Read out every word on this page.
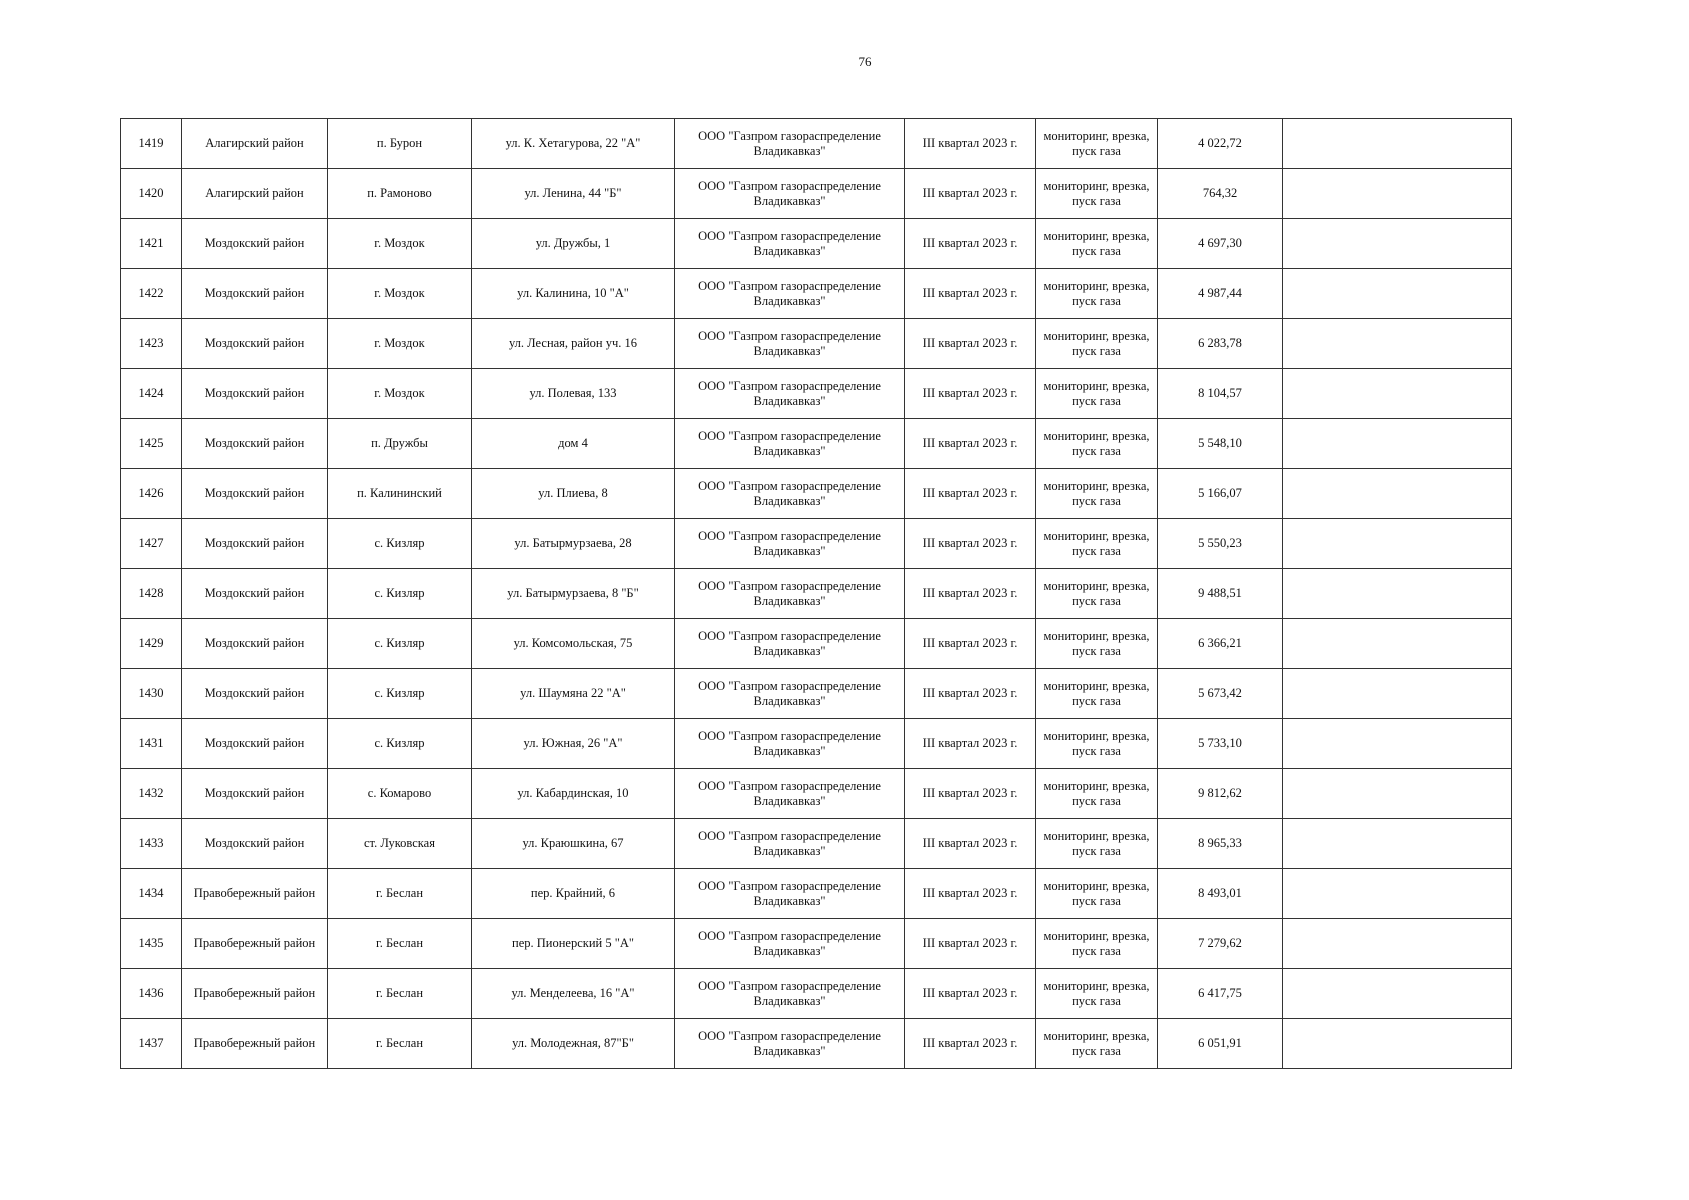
76
1419	Алагирский район	п. Бурон	ул. К. Хетагурова, 22 "А"	ООО "Газпром газораспределение Владикавказ"	III квартал 2023 г.	мониторинг, врезка, пуск газа	4 022,72	
1420	Алагирский район	п. Рамоново	ул. Ленина, 44 "Б"	ООО "Газпром газораспределение Владикавказ"	III квартал 2023 г.	мониторинг, врезка, пуск газа	764,32	
1421	Моздокский район	г. Моздок	ул. Дружбы, 1	ООО "Газпром газораспределение Владикавказ"	III квартал 2023 г.	мониторинг, врезка, пуск газа	4 697,30	
1422	Моздокский район	г. Моздок	ул. Калинина, 10 "А"	ООО "Газпром газораспределение Владикавказ"	III квартал 2023 г.	мониторинг, врезка, пуск газа	4 987,44	
1423	Моздокский район	г. Моздок	ул. Лесная, район уч. 16	ООО "Газпром газораспределение Владикавказ"	III квартал 2023 г.	мониторинг, врезка, пуск газа	6 283,78	
1424	Моздокский район	г. Моздок	ул. Полевая, 133	ООО "Газпром газораспределение Владикавказ"	III квартал 2023 г.	мониторинг, врезка, пуск газа	8 104,57	
1425	Моздокский район	п. Дружбы	дом 4	ООО "Газпром газораспределение Владикавказ"	III квартал 2023 г.	мониторинг, врезка, пуск газа	5 548,10	
1426	Моздокский район	п. Калининский	ул. Плиева, 8	ООО "Газпром газораспределение Владикавказ"	III квартал 2023 г.	мониторинг, врезка, пуск газа	5 166,07	
1427	Моздокский район	с. Кизляр	ул. Батырмурзаева, 28	ООО "Газпром газораспределение Владикавказ"	III квартал 2023 г.	мониторинг, врезка, пуск газа	5 550,23	
1428	Моздокский район	с. Кизляр	ул. Батырмурзаева, 8 "Б"	ООО "Газпром газораспределение Владикавказ"	III квартал 2023 г.	мониторинг, врезка, пуск газа	9 488,51	
1429	Моздокский район	с. Кизляр	ул. Комсомольская, 75	ООО "Газпром газораспределение Владикавказ"	III квартал 2023 г.	мониторинг, врезка, пуск газа	6 366,21	
1430	Моздокский район	с. Кизляр	ул. Шаумяна 22 "А"	ООО "Газпром газораспределение Владикавказ"	III квартал 2023 г.	мониторинг, врезка, пуск газа	5 673,42	
1431	Моздокский район	с. Кизляр	ул. Южная, 26 "А"	ООО "Газпром газораспределение Владикавказ"	III квартал 2023 г.	мониторинг, врезка, пуск газа	5 733,10	
1432	Моздокский район	с. Комарово	ул. Кабардинская, 10	ООО "Газпром газораспределение Владикавказ"	III квартал 2023 г.	мониторинг, врезка, пуск газа	9 812,62	
1433	Моздокский район	ст. Луковская	ул. Краюшкина, 67	ООО "Газпром газораспределение Владикавказ"	III квартал 2023 г.	мониторинг, врезка, пуск газа	8 965,33	
1434	Правобережный район	г. Беслан	пер. Крайний, 6	ООО "Газпром газораспределение Владикавказ"	III квартал 2023 г.	мониторинг, врезка, пуск газа	8 493,01	
1435	Правобережный район	г. Беслан	пер. Пионерский 5 "А"	ООО "Газпром газораспределение Владикавказ"	III квартал 2023 г.	мониторинг, врезка, пуск газа	7 279,62	
1436	Правобережный район	г. Беслан	ул. Менделеева, 16 "А"	ООО "Газпром газораспределение Владикавказ"	III квартал 2023 г.	мониторинг, врезка, пуск газа	6 417,75	
1437	Правобережный район	г. Беслан	ул. Молодежная, 87"Б"	ООО "Газпром газораспределение Владикавказ"	III квартал 2023 г.	мониторинг, врезка, пуск газа	6 051,91	
